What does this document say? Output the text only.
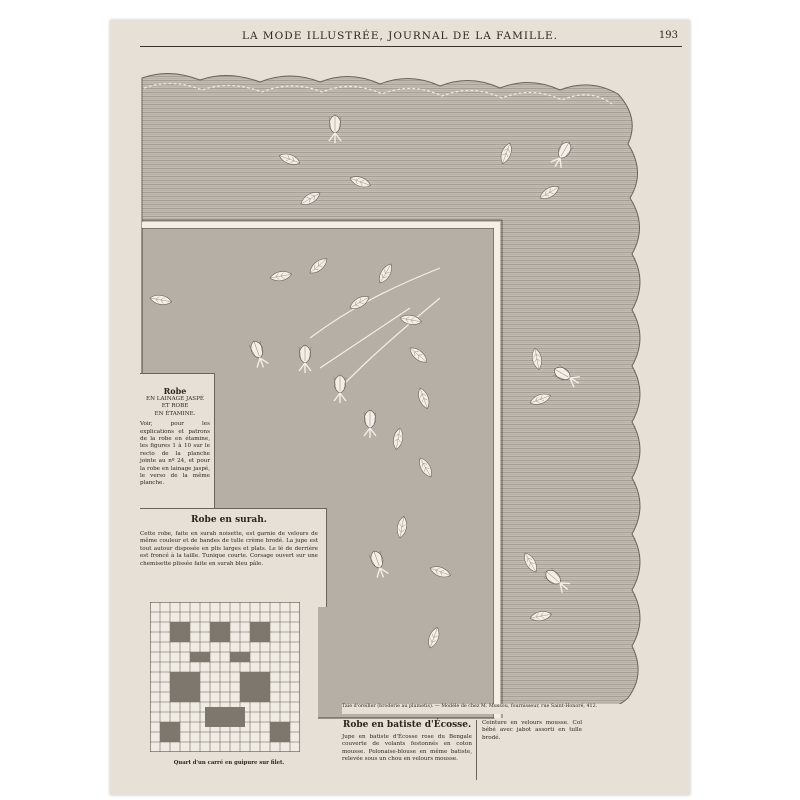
LA MODE ILLUSTRÉE, JOURNAL DE LA FAMILLE.	193
Robe
EN LAINAGE JASPÉ
ET ROBE
EN ÉTAMINE.
Voir, pour les explications et patrons de la robe en étamine, les figures 1 à 10 sur le recto de la planche jointe au nº 24, et pour la robe en lainage jaspé, le verso de la même planche.
Robe en surah.
Cette robe, faite en surah noisette, est garnie de velours de même couleur et de bandes de tulle crème brodé. La jupe est tout autour disposée en plis larges et plats. Le lé de derrière est froncé à la taille. Tunique courte. Corsage ouvert sur une chemisette plissée faite en surah bleu pâle.
Quart d'un carré en guipure sur filet.
Taie d'oreiller (broderie au plumetis). — Modèle de chez M. Mussou, fournisseur, rue Saint-Honoré, 412.
Robe en batiste d'Écosse.
Jupe en batiste d'Écosse rose du Bengale couverte de volants festonnés en coton mousse. Polonaise-blouse en même batiste, relevée sous un chou en velours mousse.
Ceinture en velours mousse. Col bébé avec jabot assorti en tulle brodé.
